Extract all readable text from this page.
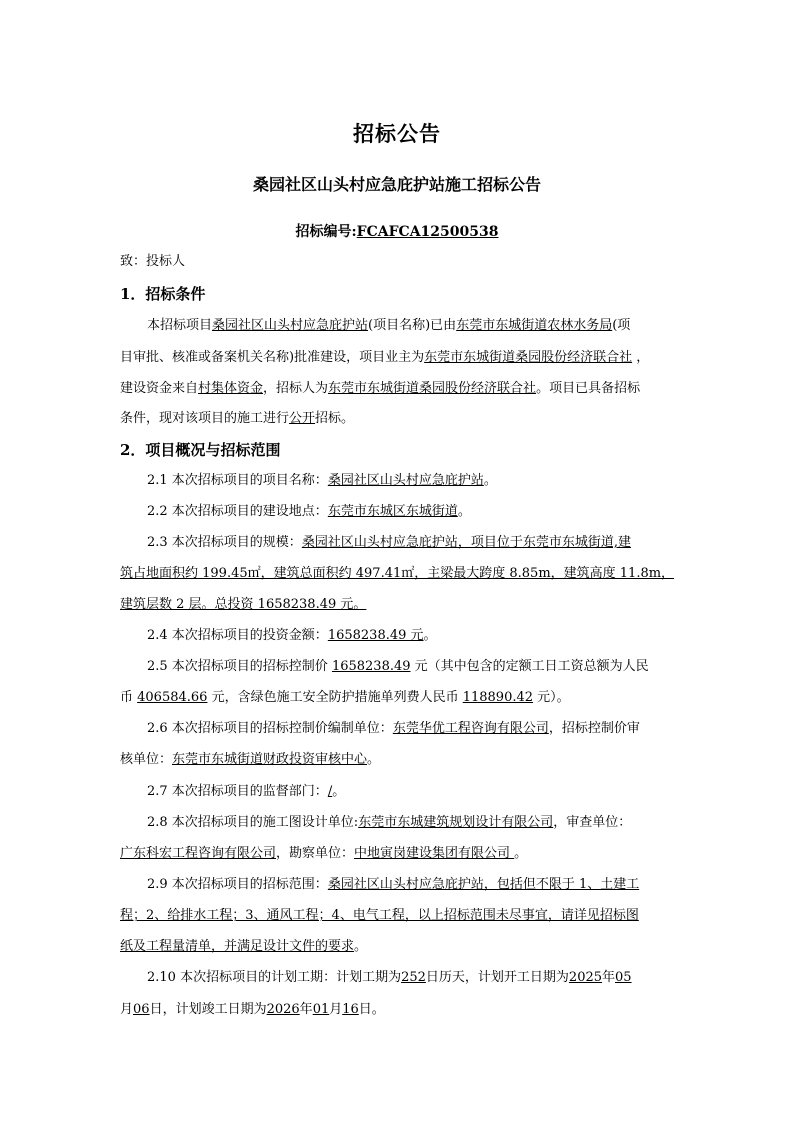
招标公告
桑园社区山头村应急庇护站施工招标公告
招标编号:FCAFCA12500538
致：投标人
1．招标条件
本招标项目桑园社区山头村应急庇护站(项目名称)已由东莞市东城街道农林水务局(项
目审批、核准或备案机关名称)批准建设，项目业主为东莞市东城街道桑园股份经济联合社 ，
建设资金来自村集体资金，招标人为东莞市东城街道桑园股份经济联合社。项目已具备招标
条件，现对该项目的施工进行公开招标。
2．项目概况与招标范围
2.1 本次招标项目的项目名称：桑园社区山头村应急庇护站。
2.2 本次招标项目的建设地点：东莞市东城区东城街道。
2.3 本次招标项目的规模：桑园社区山头村应急庇护站，项目位于东莞市东城街道,建
筑占地面积约 199.45㎡，建筑总面积约 497.41㎡，主梁最大跨度 8.85m，建筑高度 11.8m，
建筑层数 2 层。总投资 1658238.49 元。
2.4 本次招标项目的投资金额：1658238.49 元。
2.5 本次招标项目的招标控制价 1658238.49 元（其中包含的定额工日工资总额为人民
币 406584.66 元，含绿色施工安全防护措施单列费人民币 118890.42 元）。
2.6 本次招标项目的招标控制价编制单位：东莞华优工程咨询有限公司，招标控制价审
核单位：东莞市东城街道财政投资审核中心。
2.7 本次招标项目的监督部门：/。
2.8 本次招标项目的施工图设计单位:东莞市东城建筑规划设计有限公司，审查单位：
广东科宏工程咨询有限公司，勘察单位：中地寅岗建设集团有限公司 。
2.9 本次招标项目的招标范围：桑园社区山头村应急庇护站，包括但不限于 1、土建工
程；2、给排水工程；3、通风工程；4、电气工程，以上招标范围未尽事宜，请详见招标图
纸及工程量清单，并满足设计文件的要求。
2.10 本次招标项目的计划工期：计划工期为252日历天，计划开工日期为2025年05
月06日，计划竣工日期为2026年01月16日。
